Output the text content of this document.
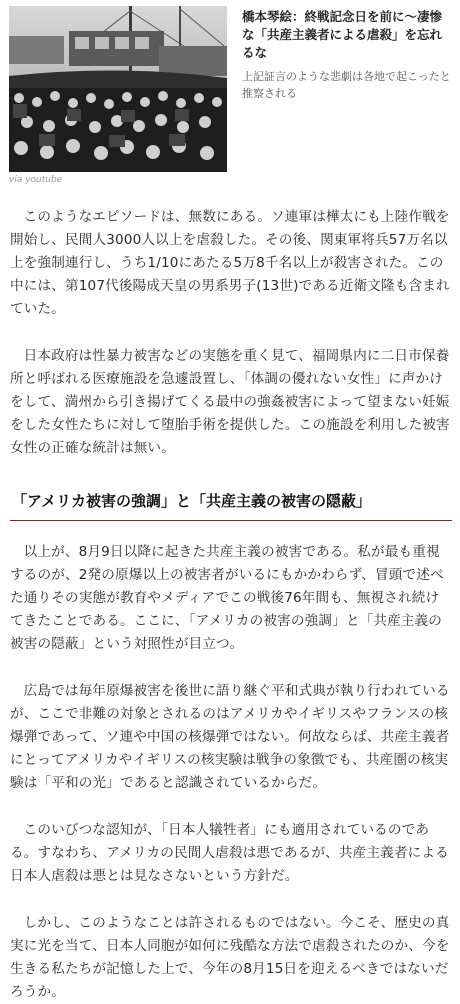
via youtube

橋本琴絵：終戦記念日を前に〜凄惨な「共産主義者による虐殺」を忘れるな

上記証言のような悲劇は各地で起こったと推察される

このようなエピソードは、無数にある。ソ連軍は樺太にも上陸作戦を開始し、民間人3000人以上を虐殺した。その後、関東軍将兵57万名以上を強制連行し、うち1/10にあたる5万8千名以上が殺害された。この中には、第107代後陽成天皇の男系男子(13世)である近衛文隆も含まれていた。

日本政府は性暴力被害などの実態を重く見て、福岡県内に二日市保養所と呼ばれる医療施設を急遽設置し、「体調の優れない女性」に声かけをして、満州から引き揚げてくる最中の強姦被害によって望まない妊娠をした女性たちに対して堕胎手術を提供した。この施設を利用した被害女性の正確な統計は無い。

「アメリカ被害の強調」と「共産主義の被害の隠蔽」

以上が、8月9日以降に起きた共産主義の被害である。私が最も重視するのが、2発の原爆以上の被害者がいるにもかかわらず、冒頭で述べた通りその実態が教育やメディアでこの戦後76年間も、無視され続けてきたことである。ここに、「アメリカの被害の強調」と「共産主義の被害の隠蔽」という対照性が目立つ。

広島では毎年原爆被害を後世に語り継ぐ平和式典が執り行われているが、ここで非難の対象とされるのはアメリカやイギリスやフランスの核爆弾であって、ソ連や中国の核爆弾ではない。何故ならば、共産主義者にとってアメリカやイギリスの核実験は戦争の象徴でも、共産圏の核実験は「平和の光」であると認識されているからだ。

このいびつな認知が、「日本人犠牲者」にも適用されているのである。すなわち、アメリカの民間人虐殺は悪であるが、共産主義者による日本人虐殺は悪とは見なさないという方針だ。

しかし、このようなことは許されるものではない。今こそ、歴史の真実に光を当て、日本人同胞が如何に残酷な方法で虐殺されたのか、今を生きる私たちが記憶した上で、今年の8月15日を迎えるべきではないだろうか。
